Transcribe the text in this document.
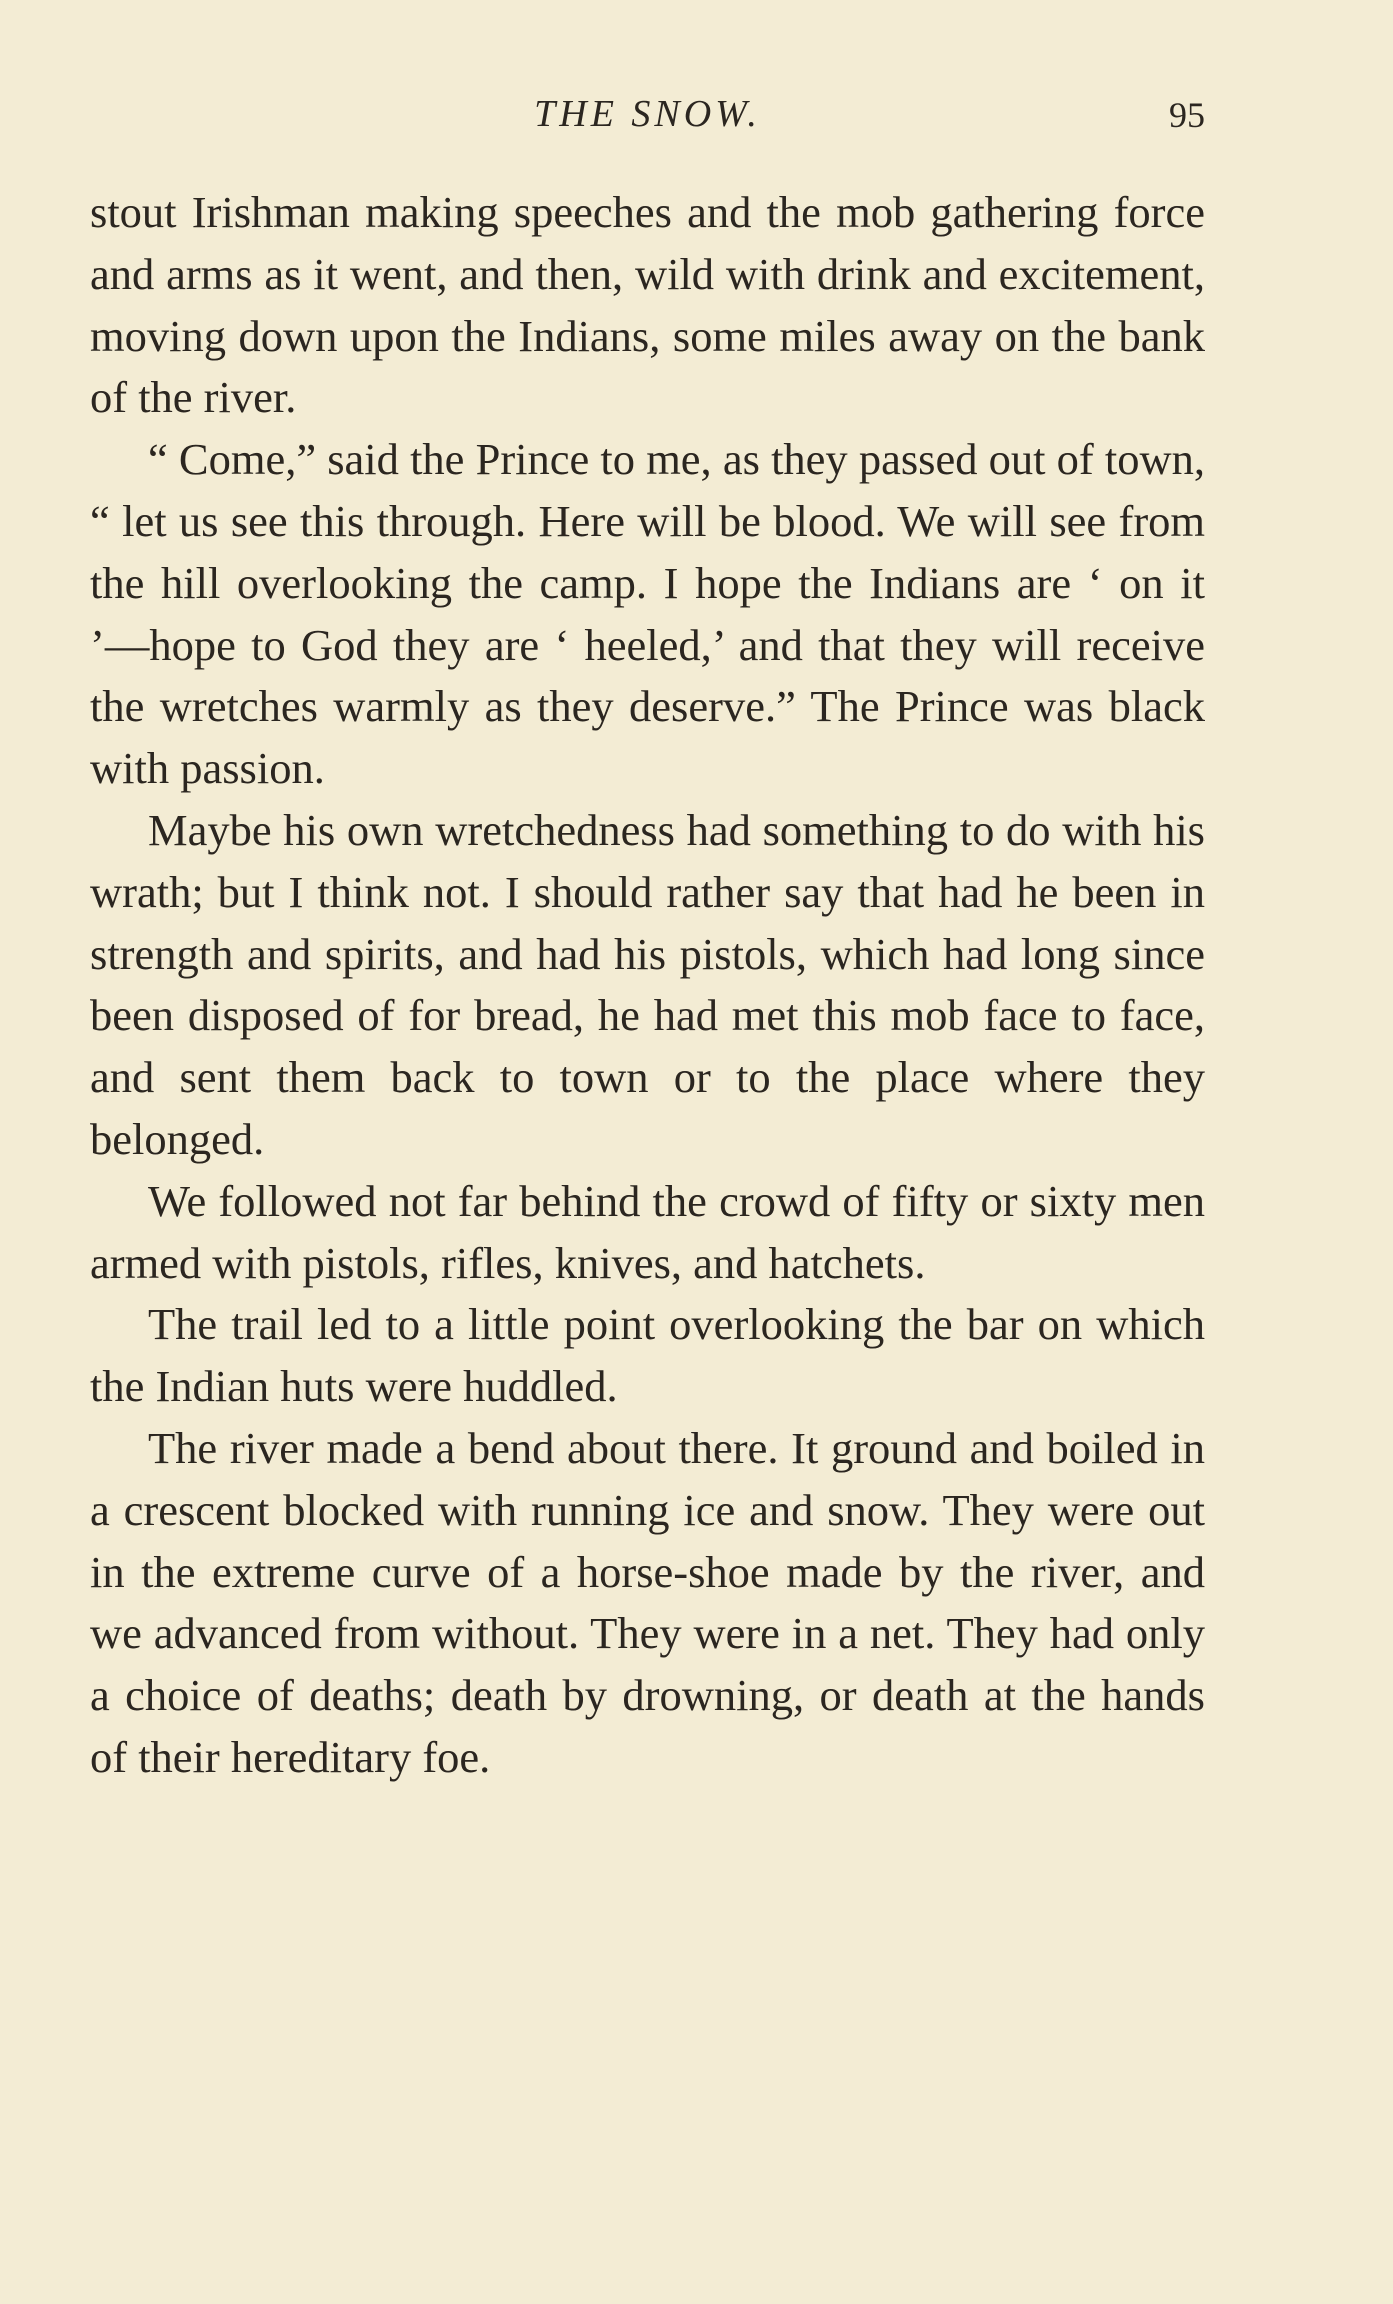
THE SNOW.	95

stout Irishman making speeches and the mob gathering force and arms as it went, and then, wild with drink and excitement, moving down upon the Indians, some miles away on the bank of the river.

“ Come,” said the Prince to me, as they passed out of town, “ let us see this through. Here will be blood. We will see from the hill overlooking the camp. I hope the Indians are ‘ on it ’—hope to God they are ‘ heeled,’ and that they will receive the wretches warmly as they deserve.” The Prince was black with passion.

Maybe his own wretchedness had something to do with his wrath; but I think not. I should rather say that had he been in strength and spirits, and had his pistols, which had long since been disposed of for bread, he had met this mob face to face, and sent them back to town or to the place where they belonged.

We followed not far behind the crowd of fifty or sixty men armed with pistols, rifles, knives, and hatchets.

The trail led to a little point overlooking the bar on which the Indian huts were huddled.

The river made a bend about there. It ground and boiled in a crescent blocked with running ice and snow. They were out in the extreme curve of a horse-shoe made by the river, and we advanced from without. They were in a net. They had only a choice of deaths; death by drowning, or death at the hands of their hereditary foe.
